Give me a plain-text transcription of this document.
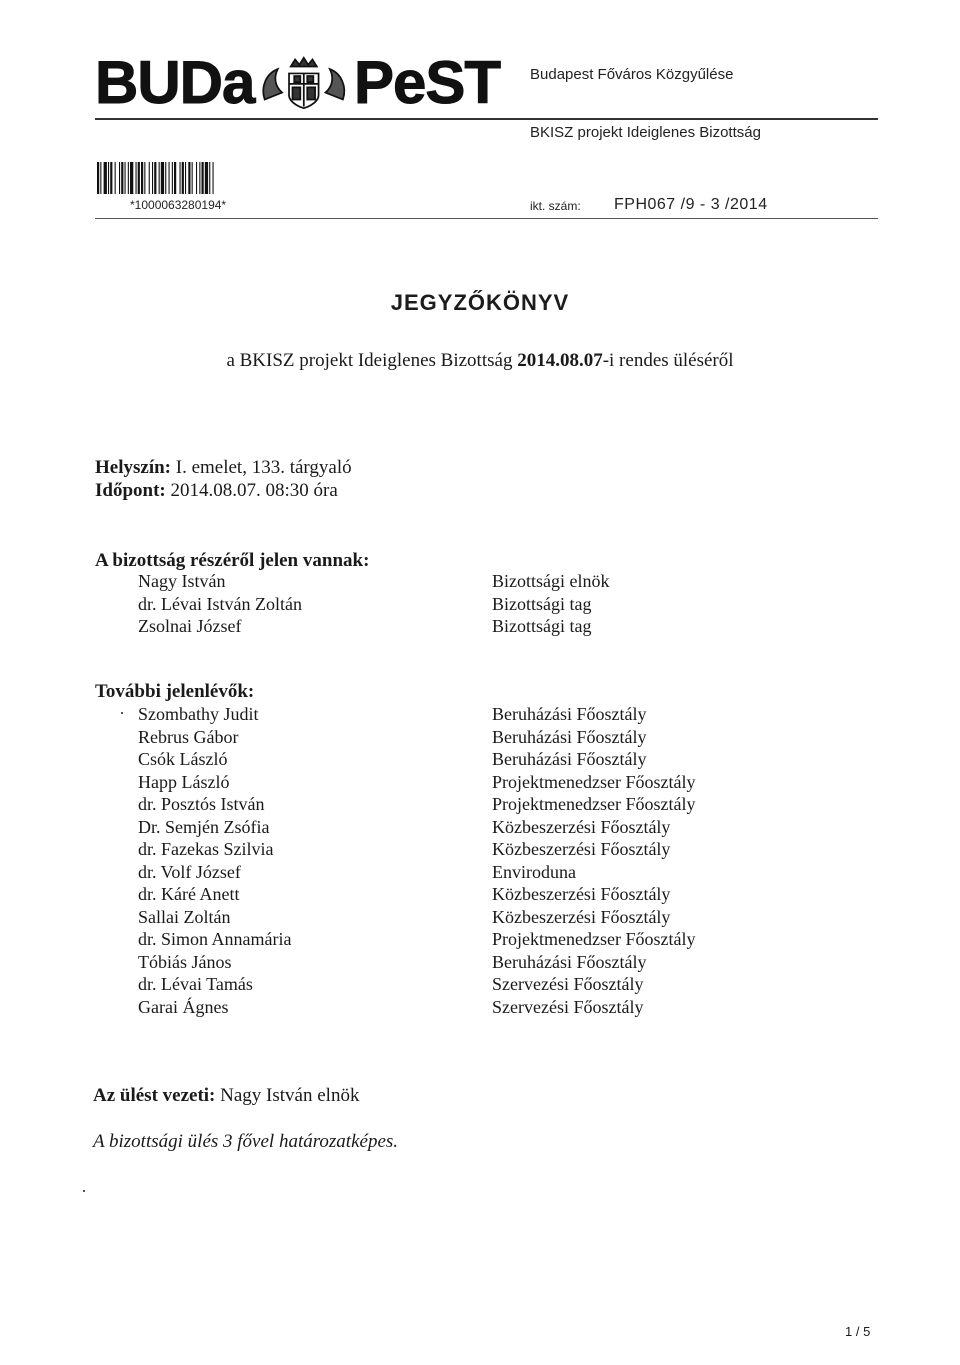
BUDa PeST Budapest Főváros Közgyűlése
BKISZ projekt Ideiglenes Bizottság
*1000063280194*	ikt. szám: FPH067 /9 - 3 /2014
JEGYZŐKÖNYV
a BKISZ projekt Ideiglenes Bizottság 2014.08.07-i rendes üléséről
Helyszín: I. emelet, 133. tárgyaló
Időpont: 2014.08.07. 08:30 óra
A bizottság részéről jelen vannak:
Nagy István
dr. Lévai István Zoltán
Zsolnai József
Bizottsági elnök
Bizottsági tag
Bizottsági tag
További jelenlévők:
Szombathy Judit
Rebrus Gábor
Csók László
Happ László
dr. Posztós István
Dr. Semjén Zsófia
dr. Fazekas Szilvia
dr. Volf József
dr. Káré Anett
Sallai Zoltán
dr. Simon Annamária
Tóbiás János
dr. Lévai Tamás
Garai Ágnes
Beruházási Főosztály
Beruházási Főosztály
Beruházási Főosztály
Projektmenedzser Főosztály
Projektmenedzser Főosztály
Közbeszerzési Főosztály
Közbeszerzési Főosztály
Enviroduna
Közbeszerzési Főosztály
Közbeszerzési Főosztály
Projektmenedzser Főosztály
Beruházási Főosztály
Szervezési Főosztály
Szervezési Főosztály
Az ülést vezeti: Nagy István elnök
A bizottsági ülés 3 fővel határozatképes.
1 / 5
